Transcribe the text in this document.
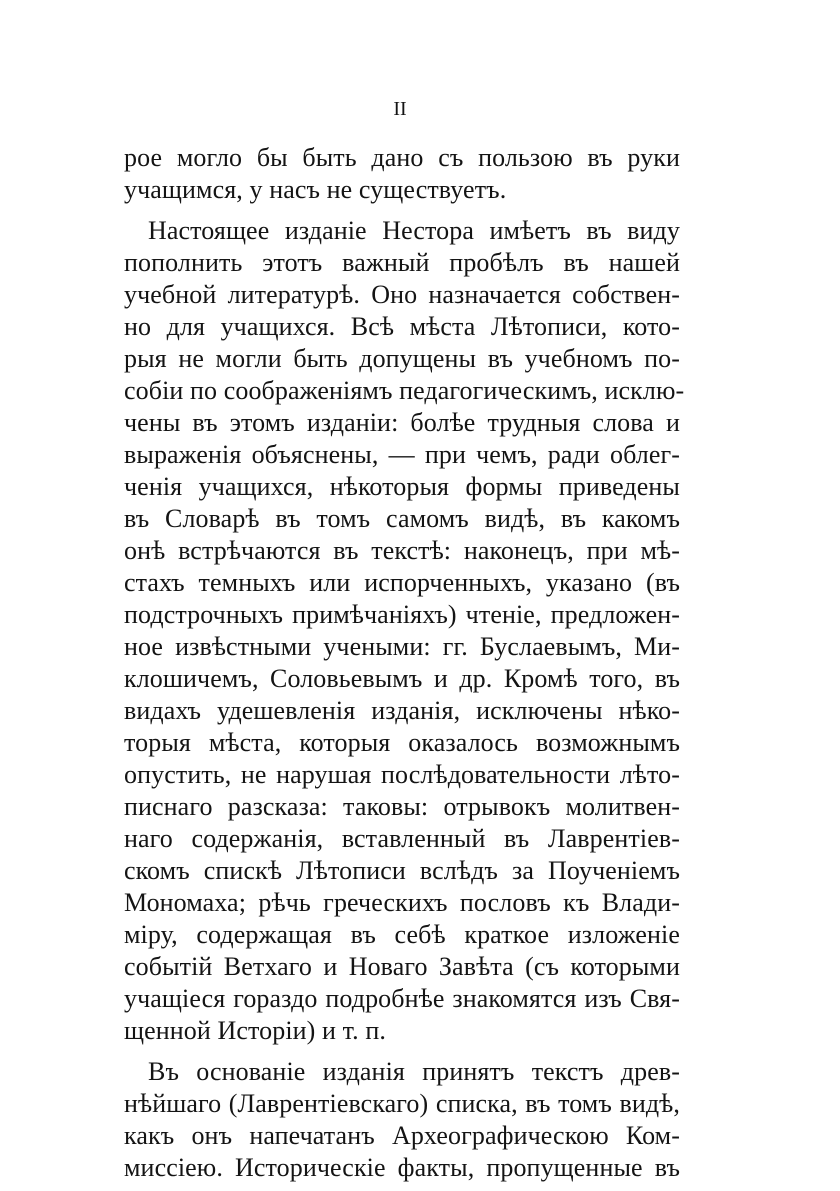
II
рое могло бы быть дано съ пользою въ руки
учащимся, у насъ не существуетъ.
Настоящее изданіе Нестора имѣетъ въ виду
пополнить этотъ важный пробѣлъ въ нашей
учебной литературѣ. Оно назначается собствен-
но для учащихся. Всѣ мѣста Лѣтописи, кото-
рыя не могли быть допущены въ учебномъ по-
собіи по соображеніямъ педагогическимъ, исклю-
чены въ этомъ изданіи: болѣе трудныя слова и
выраженія объяснены, — при чемъ, ради облег-
ченія учащихся, нѣкоторыя формы приведены
въ Словарѣ въ томъ самомъ видѣ, въ какомъ
онѣ встрѣчаются въ текстѣ: наконецъ, при мѣ-
стахъ темныхъ или испорченныхъ, указано (въ
подстрочныхъ примѣчаніяхъ) чтеніе, предложен-
ное извѣстными учеными: гг. Буслаевымъ, Ми-
клошичемъ, Соловьевымъ и др. Кромѣ того, въ
видахъ удешевленія изданія, исключены нѣко-
торыя мѣста, которыя оказалось возможнымъ
опустить, не нарушая послѣдовательности лѣто-
писнаго разсказа: таковы: отрывокъ молитвен-
наго содержанія, вставленный въ Лаврентіев-
скомъ спискѣ Лѣтописи вслѣдъ за Поученіемъ
Мономаха; рѣчь греческихъ пословъ къ Влади-
міру, содержащая въ себѣ краткое изложеніе
событій Ветхаго и Новаго Завѣта (съ которыми
учащіеся гораздо подробнѣе знакомятся изъ Свя-
щенной Исторіи) и т. п.
Въ основаніе изданія принятъ текстъ древ-
нѣйшаго (Лаврентіевскаго) списка, въ томъ видѣ,
какъ онъ напечатанъ Археографическою Ком-
миссіею. Историческіе факты, пропущенные въ
